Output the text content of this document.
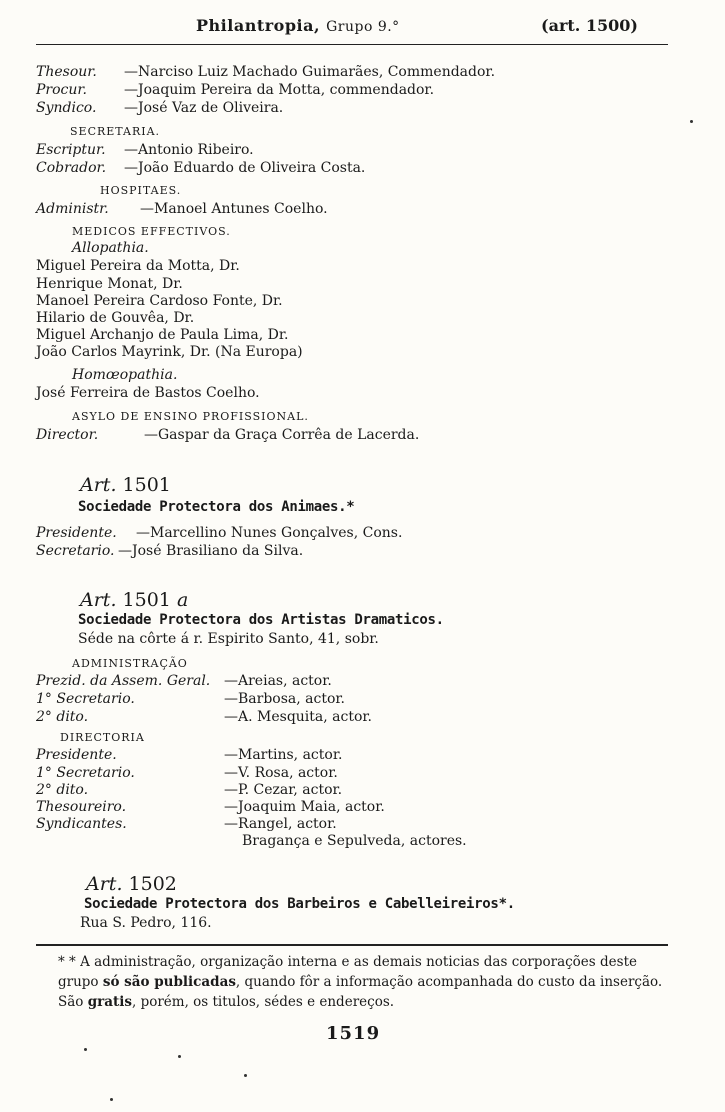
Philantropia, Grupo 9.°	(art. 1500)
Thesour. —Narciso Luiz Machado Guimarães, Commendador.
Procur.	—Joaquim Pereira da Motta, commendador.
Syndico. —José Vaz de Oliveira.
SECRETARIA.
Escriptur. —Antonio Ribeiro.
Cobrador. —João Eduardo de Oliveira Costa.
HOSPITAES.
Administr. —Manoel Antunes Coelho.
MEDICOS EFFECTIVOS.
Allopathia.
Miguel Pereira da Motta, Dr.
Henrique Monat, Dr.
Manoel Pereira Cardoso Fonte, Dr.
Hilario de Gouvêa, Dr.
Miguel Archanjo de Paula Lima, Dr.
João Carlos Mayrink, Dr. (Na Europa)
Homœopathia.
José Ferreira de Bastos Coelho.
ASYLO DE ENSINO PROFISSIONAL.
Director.	—Gaspar da Graça Corrêa de Lacerda.
Art. 1501
Sociedade Protectora dos Animaes.*
Presidente. —Marcellino Nunes Gonçalves, Cons.
Secretario. —José Brasiliano da Silva.
Art. 1501 a
Sociedade Protectora dos Artistas Dramaticos.
Séde na côrte á r. Espirito Santo, 41, sobr.
ADMINISTRAÇÃO
Prezid. da Assem. Geral. —Areias, actor.
1° Secretario.	—Barbosa, actor.
2° dito.	—A. Mesquita, actor.
DIRECTORIA
Presidente.	—Martins, actor.
1° Secretario.	—V. Rosa, actor.
2° dito.	—P. Cezar, actor.
Thesoureiro.	—Joaquim Maia, actor.
Syndicantes.	—Rangel, actor.
Bragança e Sepulveda, actores.
Art. 1502
Sociedade Protectora dos Barbeiros e Cabelleireiros*.
Rua S. Pedro, 116.
* * A administração, organização interna e as demais noticias das corporações deste grupo só são publicadas, quando fôr a informação acompanhada do custo da inserção. São gratis, porém, os titulos, sédes e endereços.
1519
